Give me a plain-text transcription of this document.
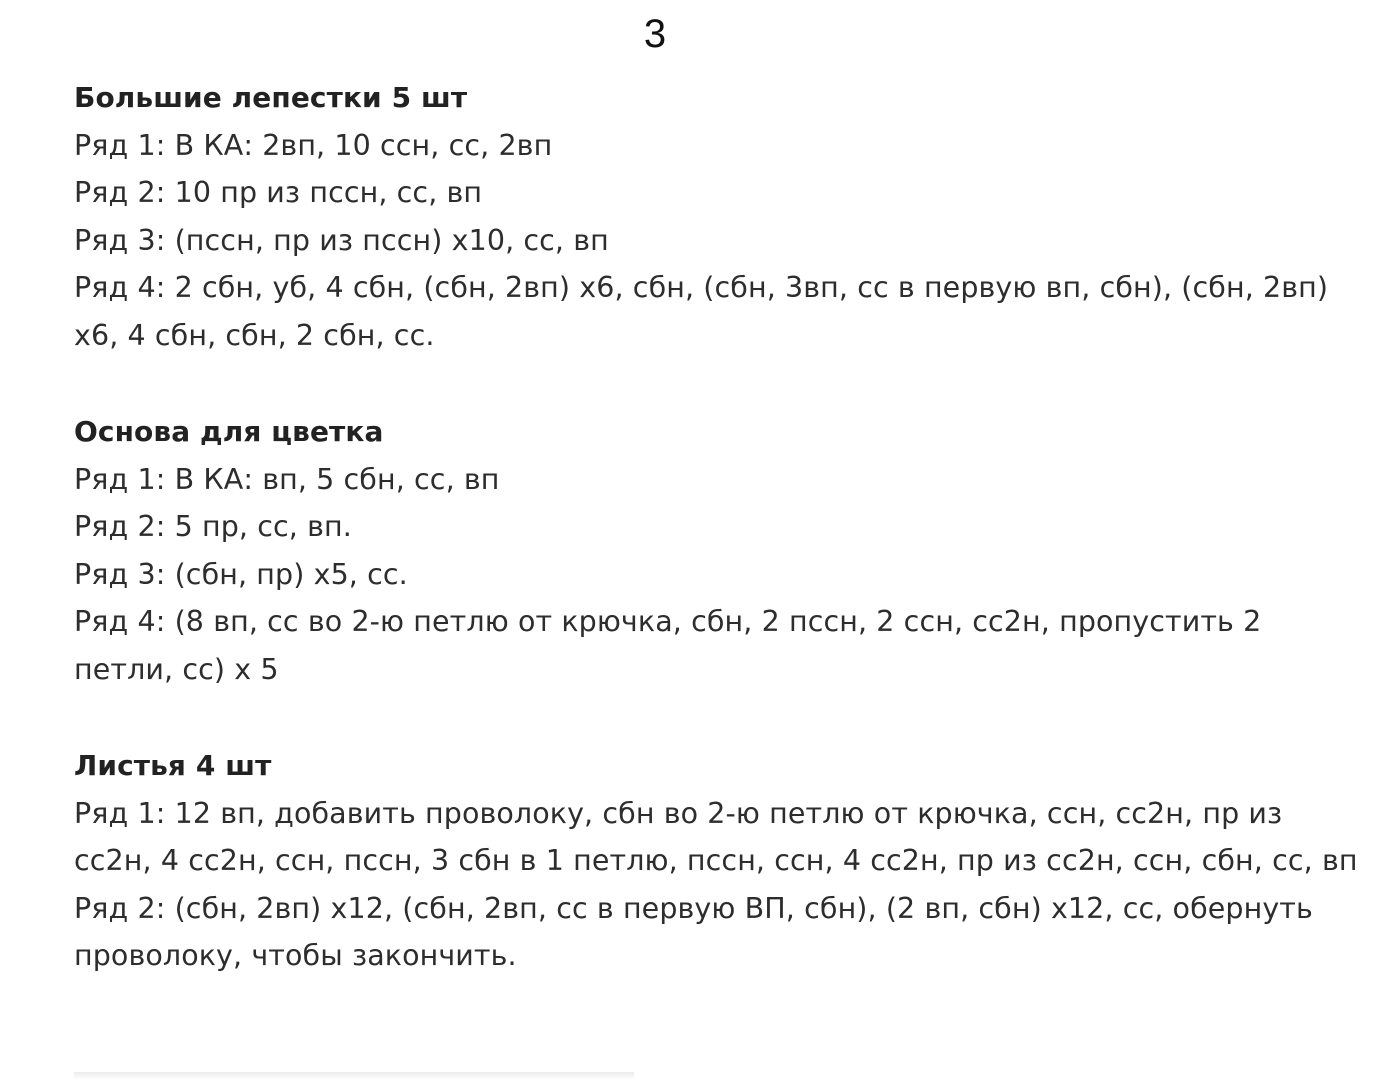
3
Большие лепестки 5 шт
Ряд 1: В КА: 2вп, 10 ссн, сс, 2вп
Ряд 2: 10 пр из пссн, сс, вп
Ряд 3: (пссн, пр из пссн) х10, сс, вп
Ряд 4: 2 сбн, уб, 4 сбн, (сбн, 2вп) х6, сбн, (сбн, 3вп, сс в первую вп, сбн), (сбн, 2вп) х6, 4 сбн, сбн, 2 сбн, сс.
Основа для цветка
Ряд 1: В КА: вп, 5 сбн, сс, вп
Ряд 2: 5 пр, сс, вп.
Ряд 3: (сбн, пр) х5, сс.
Ряд 4: (8 вп, сс во 2-ю петлю от крючка, сбн, 2 пссн, 2 ссн, сс2н, пропустить 2 петли, сс) х 5
Листья 4 шт
Ряд 1: 12 вп, добавить проволоку, сбн во 2-ю петлю от крючка, ссн, сс2н, пр из сс2н, 4 сс2н, ссн, пссн, 3 сбн в 1 петлю, пссн, ссн, 4 сс2н, пр из сс2н, ссн, сбн, сс, вп
Ряд 2: (сбн, 2вп) х12, (сбн, 2вп, сс в первую ВП, сбн), (2 вп, сбн) х12, сс, обернуть проволоку, чтобы закончить.
